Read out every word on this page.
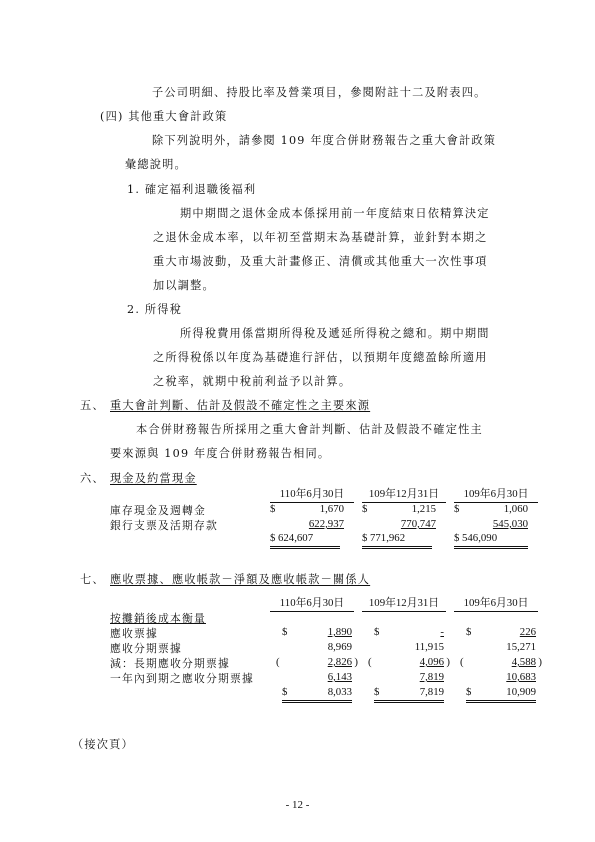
子公司明細、持股比率及營業項目，參閱附註十二及附表四。
(四) 其他重大會計政策
除下列說明外，請參閱 109 年度合併財務報告之重大會計政策
彙總說明。
1. 確定福利退職後福利
期中期間之退休金成本係採用前一年度結束日依精算決定
之退休金成本率，以年初至當期末為基礎計算，並針對本期之
重大市場波動，及重大計畫修正、清償或其他重大一次性事項
加以調整。
2. 所得稅
所得稅費用係當期所得稅及遞延所得稅之總和。期中期間
之所得稅係以年度為基礎進行評估，以預期年度總盈餘所適用
之稅率，就期中稅前利益予以計算。
五、 重大會計判斷、估計及假設不確定性之主要來源
本合併財務報告所採用之重大會計判斷、估計及假設不確定性主
要來源與 109 年度合併財務報告相同。
六、 現金及約當現金
110年6月30日	109年12月31日	109年6月30日
庫存現金及週轉金	$	1,670 $	1,215 $	1,060
銀行支票及活期存款	622,937	770,747	545,030
$ 624,607	$ 771,962	$ 546,090
七、 應收票據、應收帳款－淨額及應收帳款－關係人
110年6月30日	109年12月31日	109年6月30日
按攤銷後成本衡量
應收票據	$	1,890 $	- $	226
應收分期票據	8,969	11,915	15,271
減：長期應收分期票據	(	2,826 ) (	4,096 ) (	4,588 )
一年內到期之應收分期票據	6,143	7,819	10,683
$	8,033 $	7,819 $	10,909
（接次頁）
- 12 -
